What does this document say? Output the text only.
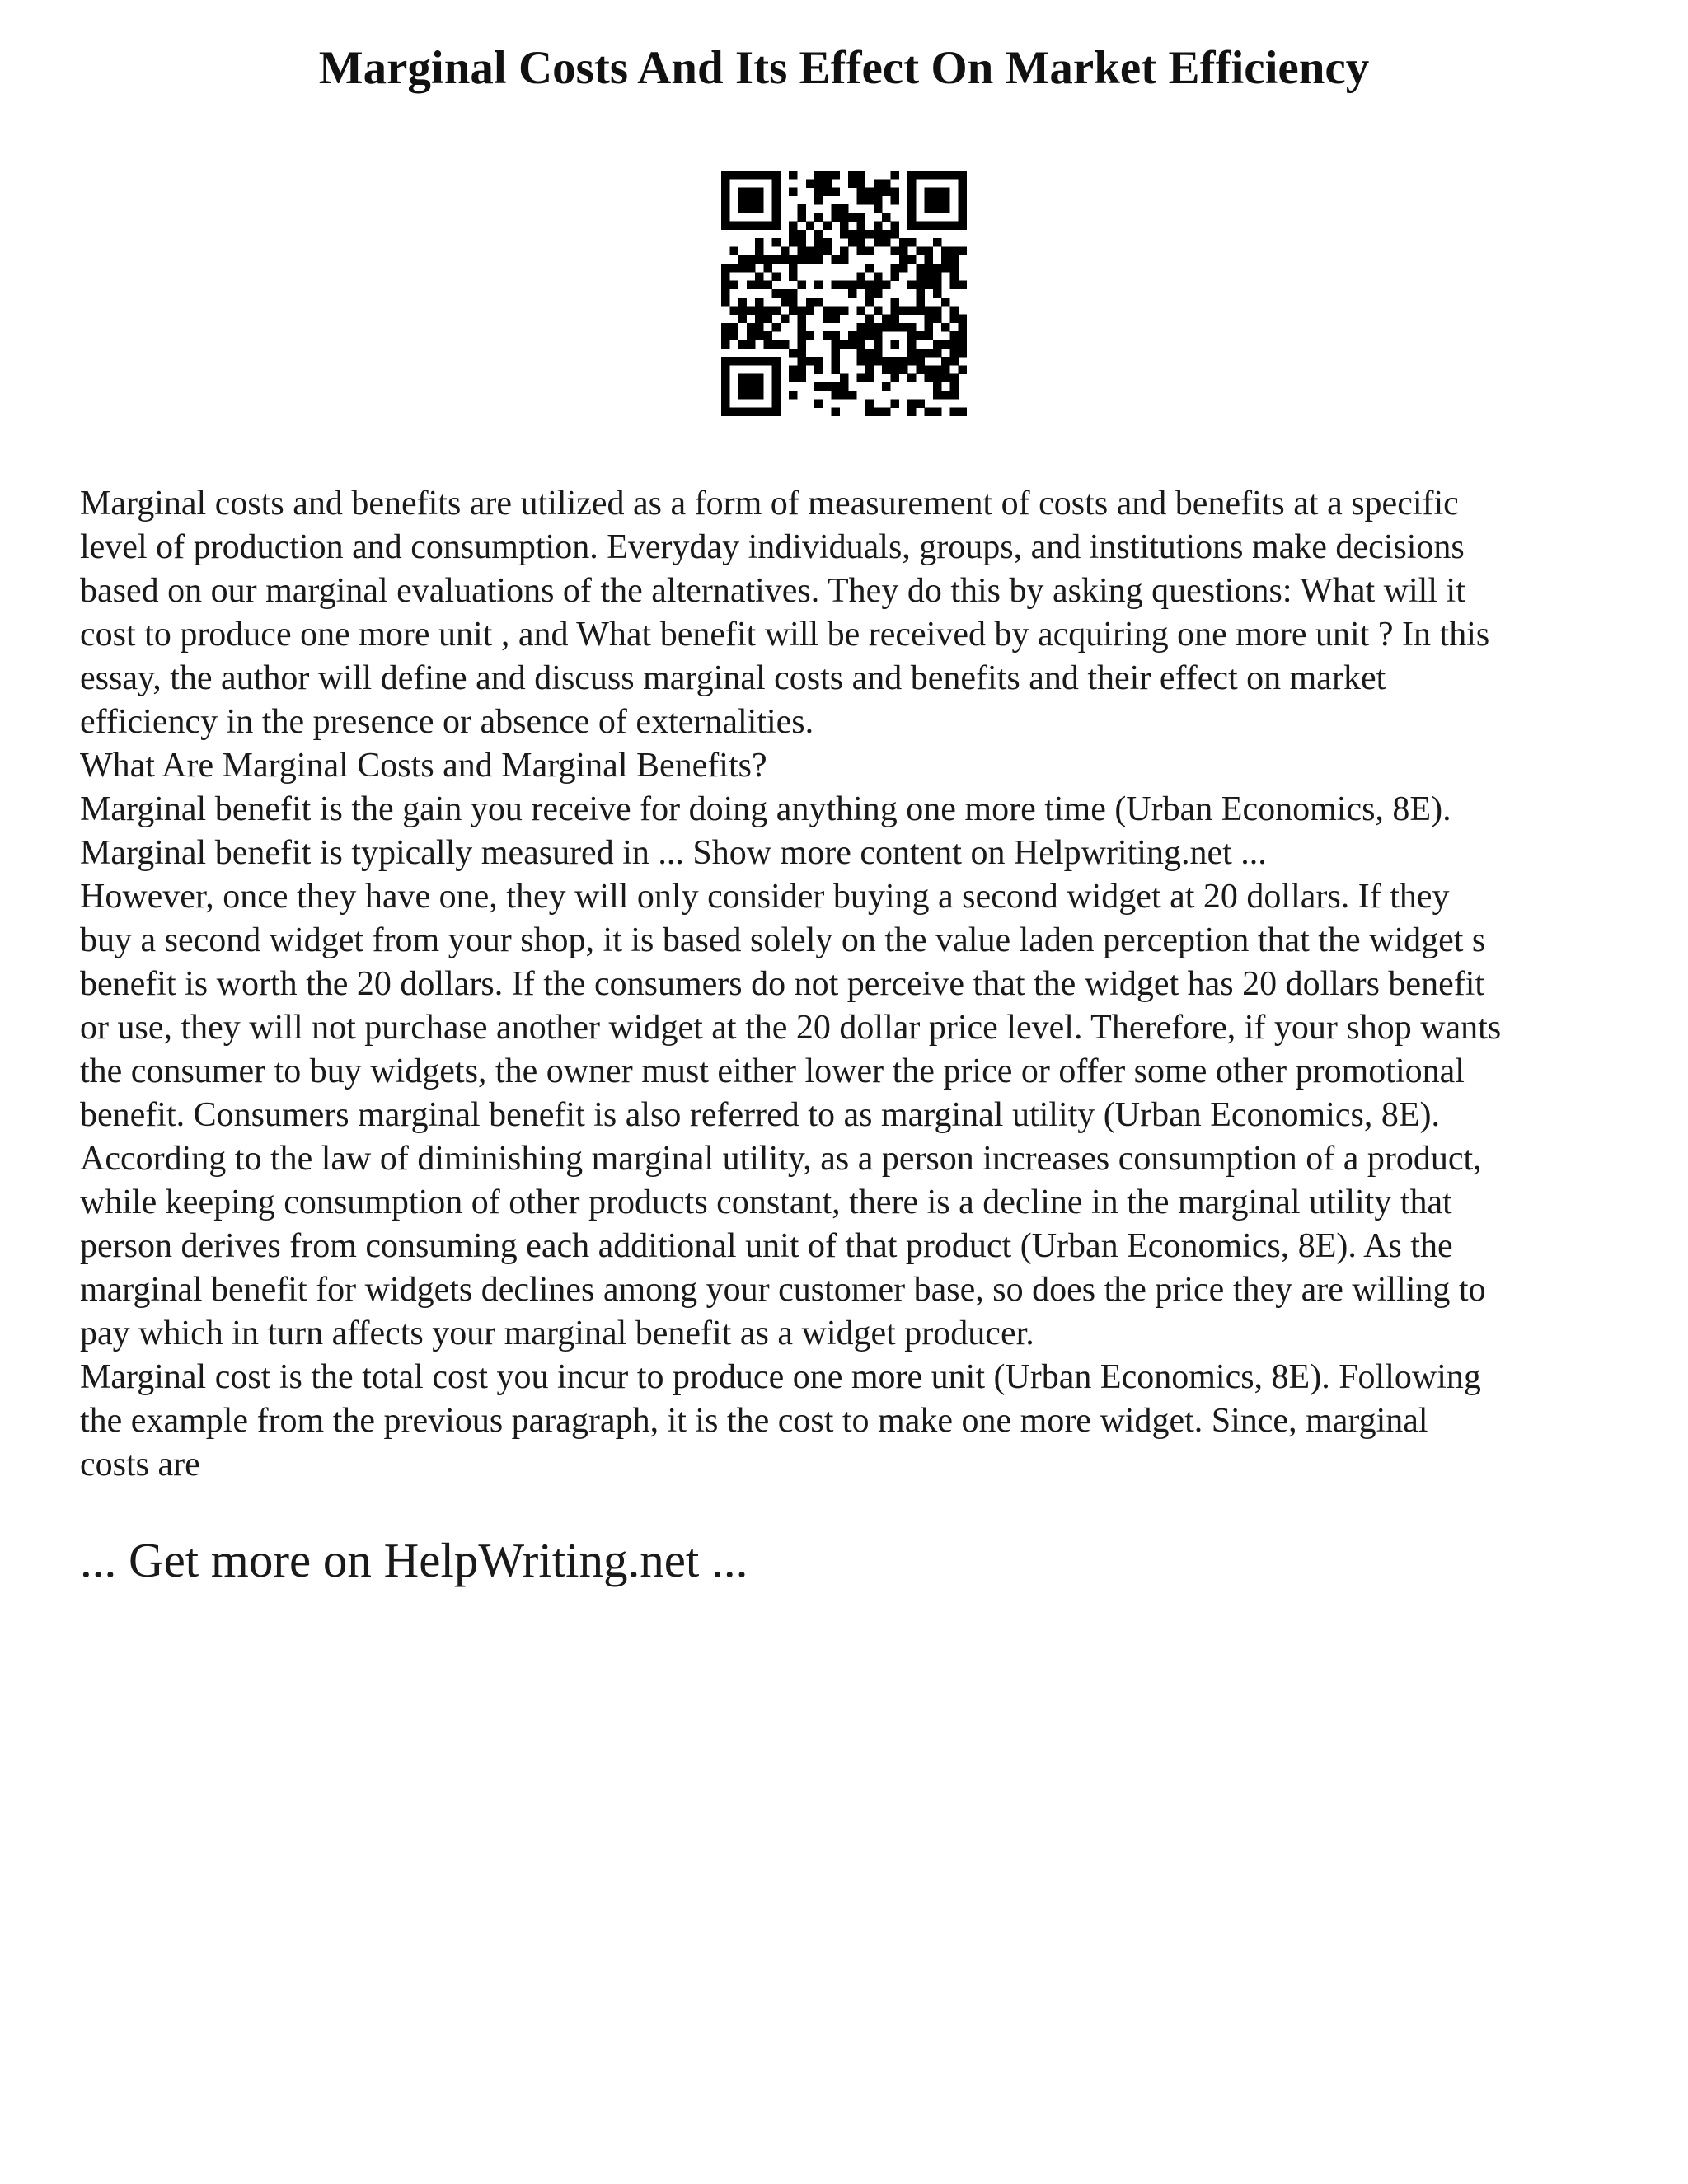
Marginal Costs And Its Effect On Market Efficiency

Marginal costs and benefits are utilized as a form of measurement of costs and benefits at a specific

level of production and consumption. Everyday individuals, groups, and institutions make decisions

based on our marginal evaluations of the alternatives. They do this by asking questions: What will it

cost to produce one more unit , and What benefit will be received by acquiring one more unit ? In this

essay, the author will define and discuss marginal costs and benefits and their effect on market

efficiency in the presence or absence of externalities.

What Are Marginal Costs and Marginal Benefits?

Marginal benefit is the gain you receive for doing anything one more time (Urban Economics, 8E).

Marginal benefit is typically measured in ... Show more content on Helpwriting.net ...

However, once they have one, they will only consider buying a second widget at 20 dollars. If they

buy a second widget from your shop, it is based solely on the value laden perception that the widget s

benefit is worth the 20 dollars. If the consumers do not perceive that the widget has 20 dollars benefit

or use, they will not purchase another widget at the 20 dollar price level. Therefore, if your shop wants

the consumer to buy widgets, the owner must either lower the price or offer some other promotional

benefit. Consumers marginal benefit is also referred to as marginal utility (Urban Economics, 8E).

According to the law of diminishing marginal utility, as a person increases consumption of a product,

while keeping consumption of other products constant, there is a decline in the marginal utility that

person derives from consuming each additional unit of that product (Urban Economics, 8E). As the

marginal benefit for widgets declines among your customer base, so does the price they are willing to

pay which in turn affects your marginal benefit as a widget producer.

Marginal cost is the total cost you incur to produce one more unit (Urban Economics, 8E). Following

the example from the previous paragraph, it is the cost to make one more widget. Since, marginal

costs are

... Get more on HelpWriting.net ...
